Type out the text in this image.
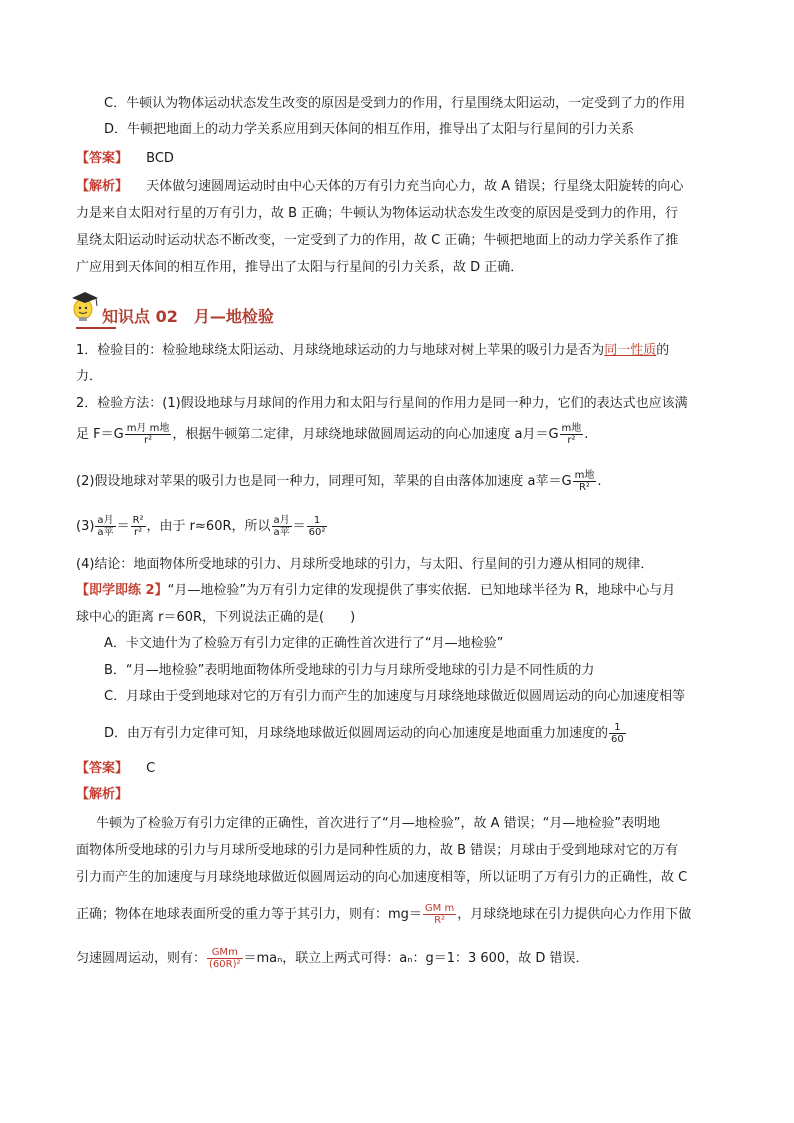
C．牛顿认为物体运动状态发生改变的原因是受到力的作用，行星围绕太阳运动，一定受到了力的作用
D．牛顿把地面上的动力学关系应用到天体间的相互作用，推导出了太阳与行星间的引力关系
【答案】 BCD
【解析】 天体做匀速圆周运动时由中心天体的万有引力充当向心力，故 A 错误；行星绕太阳旋转的向心
力是来自太阳对行星的万有引力，故 B 正确；牛顿认为物体运动状态发生改变的原因是受到力的作用，行
星绕太阳运动时运动状态不断改变，一定受到了力的作用，故 C 正确；牛顿把地面上的动力学关系作了推
广应用到天体间的相互作用，推导出了太阳与行星间的引力关系，故 D 正确．
知识点 02　月—地检验
1．检验目的：检验地球绕太阳运动、月球绕地球运动的力与地球对树上苹果的吸引力是否为同一性质的
力．
2．检验方法：(1)假设地球与月球间的作用力和太阳与行星间的作用力是同一种力，它们的表达式也应该满
足 $F=G \frac{\text{m月 m地}}{\text{r²}}$ ，根据牛顿第二定律，月球绕地球做圆周运动的向心加速度 a月$=G \frac{\text{m地}}{\text{r²}}$ .
(2)假设地球对苹果的吸引力也是同一种力，同理可知，苹果的自由落体加速度 a苹$=G \frac{\text{m地}}{\text{R²}}$ .
$(3) \frac{\text{a月}}{\text{a苹}} = \frac{\text{R²}}{\text{r²}}$ ，由于 r≈60R，所以 $\frac{\text{a月}}{\text{a苹}} = \frac{1}{\text{60²}}$
(4)结论：地面物体所受地球的引力、月球所受地球的引力，与太阳、行星间的引力遵从相同的规律．
【即学即练 2】“月—地检验”为万有引力定律的发现提供了事实依据．已知地球半径为 R，地球中心与月
球中心的距离 r＝60R，下列说法正确的是(　　)
A．卡文迪什为了检验万有引力定律的正确性首次进行了“月—地检验”
B．“月—地检验”表明地面物体所受地球的引力与月球所受地球的引力是不同性质的力
C．月球由于受到地球对它的万有引力而产生的加速度与月球绕地球做近似圆周运动的向心加速度相等
D．由万有引力定律可知，月球绕地球做近似圆周运动的向心加速度是地面重力加速度的 $\frac{1}{60}$
【答案】 C
【解析】
牛顿为了检验万有引力定律的正确性，首次进行了“月—地检验”，故 A 错误；“月—地检验”表明地
面物体所受地球的引力与月球所受地球的引力是同种性质的力，故 B 错误；月球由于受到地球对它的万有
引力而产生的加速度与月球绕地球做近似圆周运动的向心加速度相等，所以证明了万有引力的正确性，故 C
正确；物体在地球表面所受的重力等于其引力，则有：$mg= \frac{\text{GM m}}{\text{R²}}$ ，月球绕地球在引力提供向心力作用下做
匀速圆周运动，则有： $\frac{\text{GMm}}{\text{(60R)²}} =ma_n$，联立上两式可得：aₙ：g＝1：3 600，故 D 错误．
